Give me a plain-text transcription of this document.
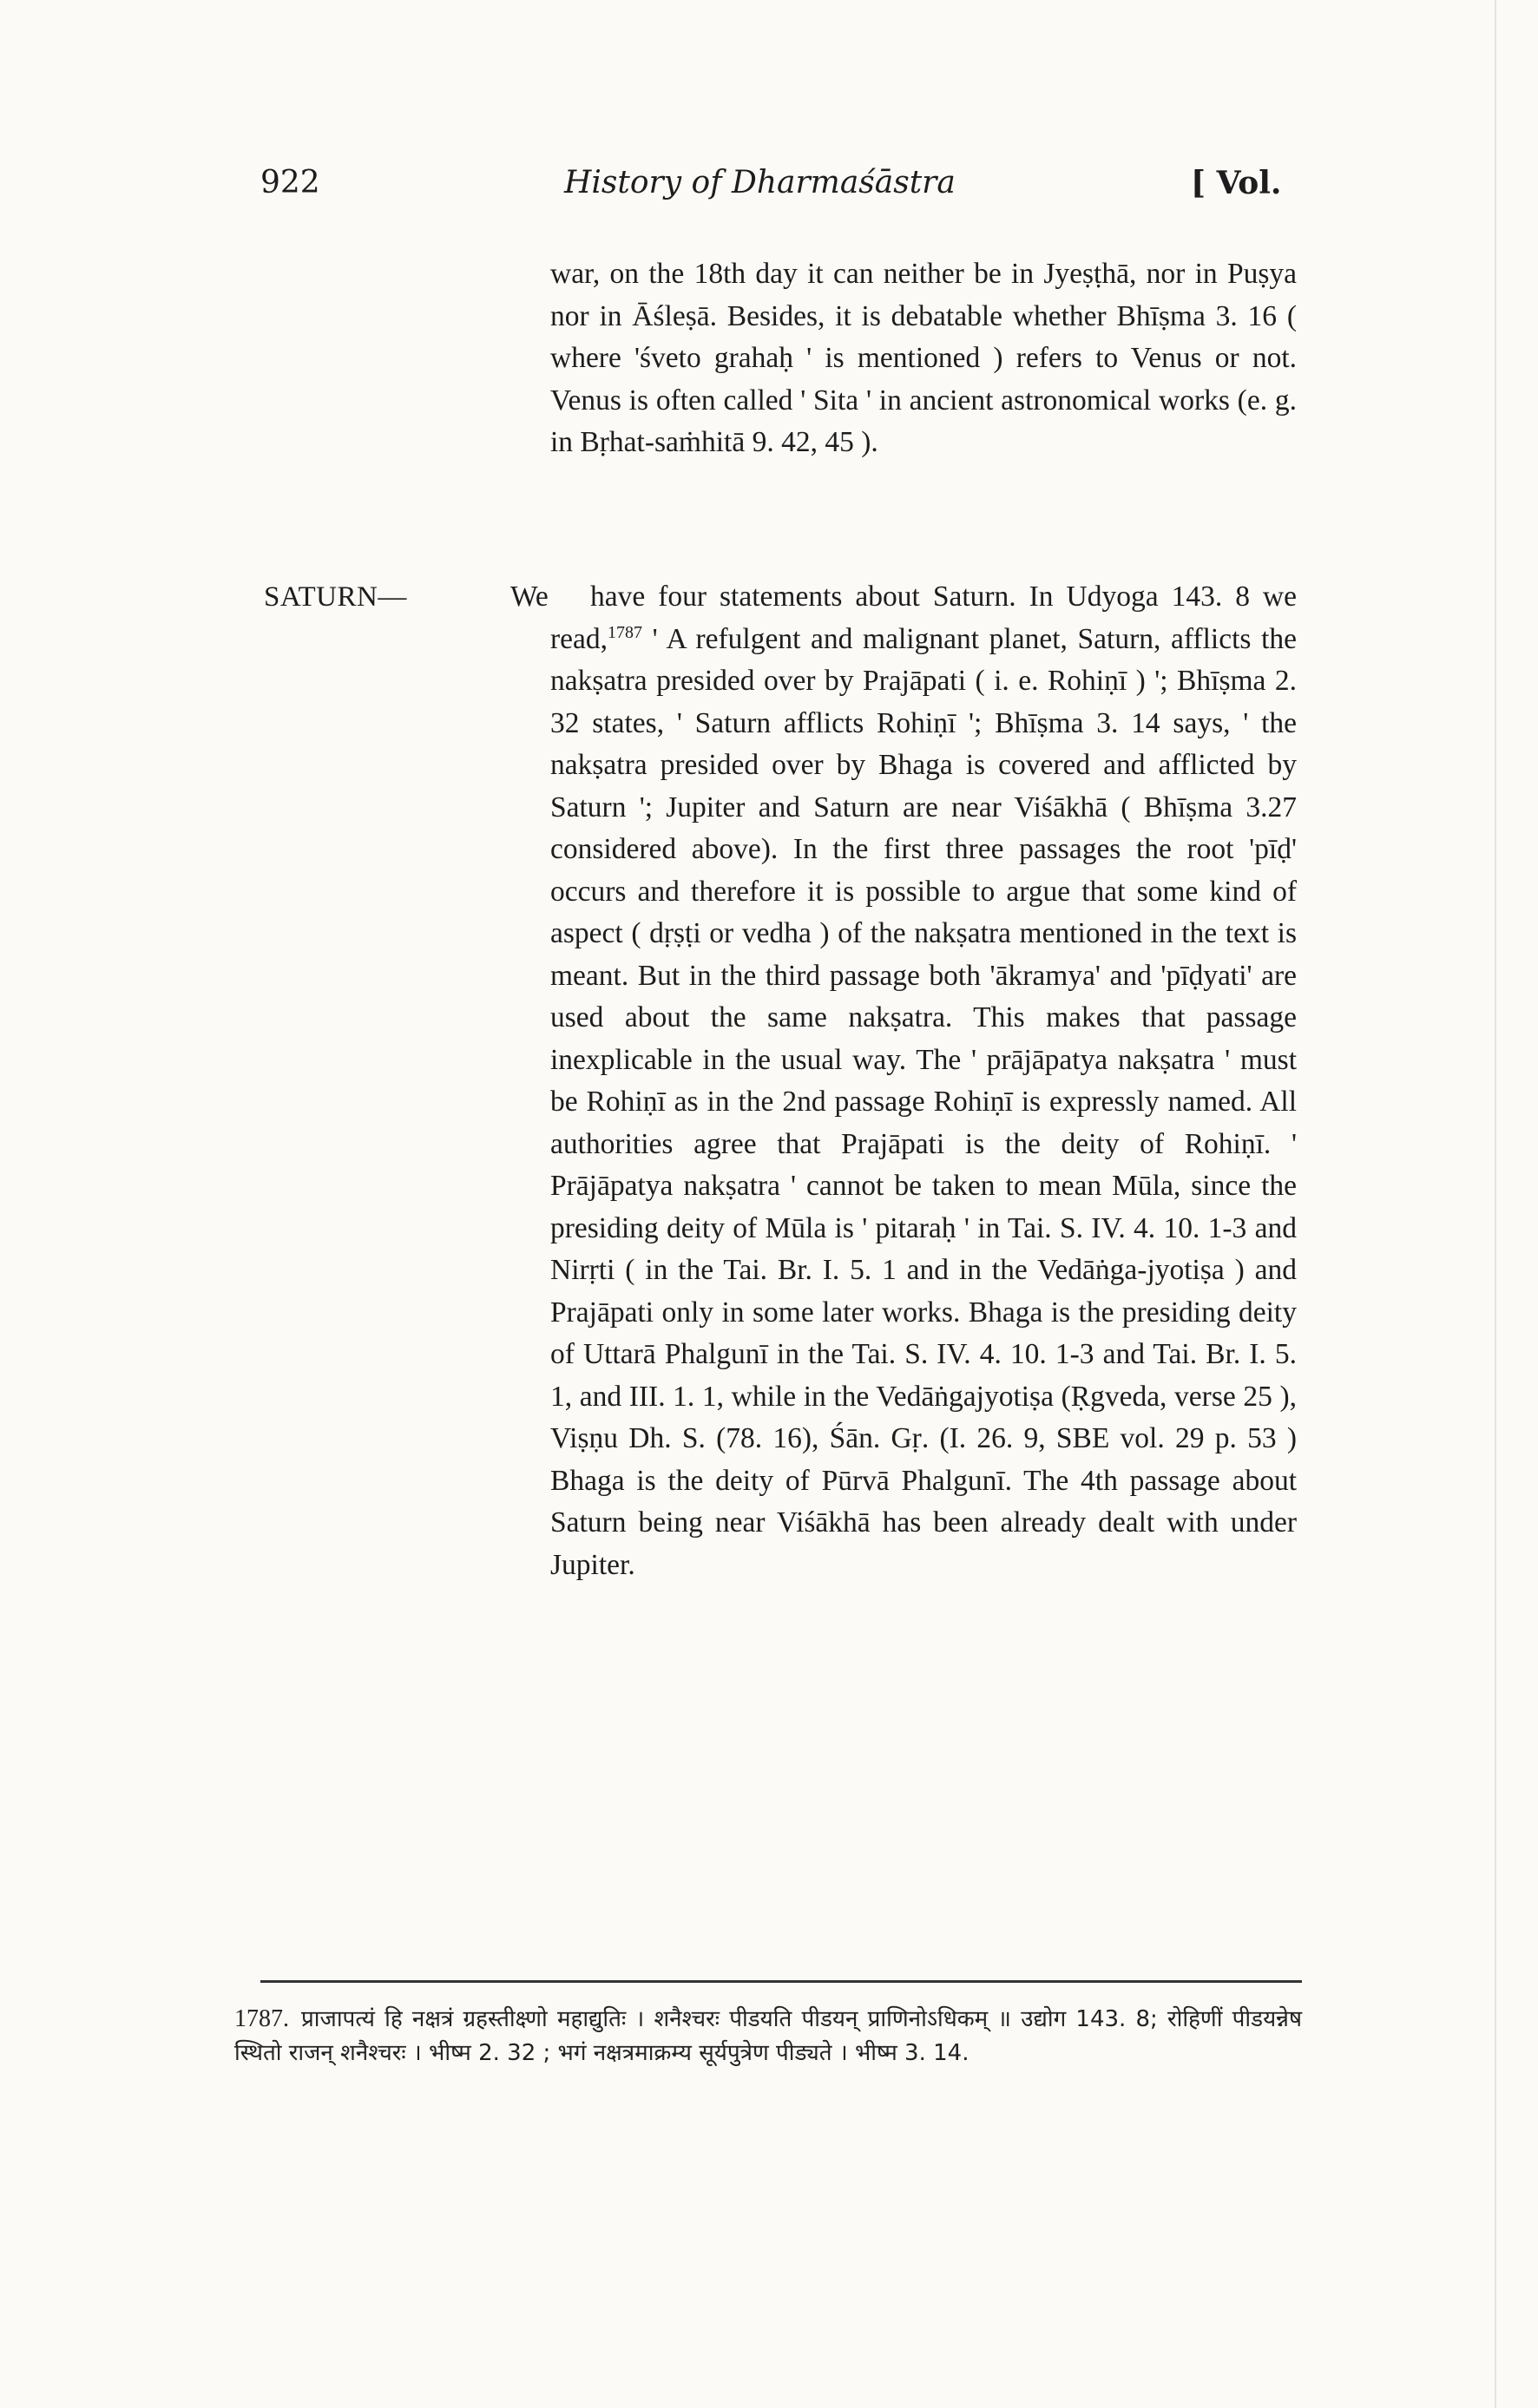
922	History of Dharmaśāstra	[ Vol.
war, on the 18th day it can neither be in Jyeṣṭhā, nor in Puṣya nor in Āśleṣā. Besides, it is debatable whether Bhīṣma 3. 16 ( where 'śveto grahaḥ ' is mentioned ) refers to Venus or not. Venus is often called ' Sita ' in ancient astronomical works (e. g. in Bṛhat-saṁhitā 9. 42, 45 ).
SATURN—	We	have four statements about Saturn. In Udyoga 143. 8 we read,$^{1787}$ ' A refulgent and malignant planet, Saturn, afflicts the nakṣatra presided over by Prajāpati ( i. e. Rohiṇī ) '; Bhīṣma 2. 32 states, ' Saturn afflicts Rohiṇī '; Bhīṣma 3. 14 says, ' the nakṣatra presided over by Bhaga is covered and afflicted by Saturn '; Jupiter and Saturn are near Viśākhā ( Bhīṣma 3.27 considered above). In the first three passages the root 'pīḍ' occurs and therefore it is possible to argue that some kind of aspect ( dṛṣṭi or vedha ) of the nakṣatra mentioned in the text is meant. But in the third passage both 'ākramya' and 'pīḍyati' are used about the same nakṣatra. This makes that passage inexplicable in the usual way. The ' prājāpatya nakṣatra ' must be Rohiṇī as in the 2nd passage Rohiṇī is expressly named. All authorities agree that Prajāpati is the deity of Rohiṇī. ' Prājāpatya nakṣatra ' cannot be taken to mean Mūla, since the presiding deity of Mūla is ' pitaraḥ ' in Tai. S. IV. 4. 10. 1-3 and Nirṛti ( in the Tai. Br. I. 5. 1 and in the Vedāṅga-jyotiṣa ) and Prajāpati only in some later works. Bhaga is the presiding deity of Uttarā Phalgunī in the Tai. S. IV. 4. 10. 1-3 and Tai. Br. I. 5. 1, and III. 1. 1, while in the Vedāṅgajyotiṣa (Ṛgveda, verse 25 ), Viṣṇu Dh. S. (78. 16), Śān. Gṛ. (I. 26. 9, SBE vol. 29 p. 53 ) Bhaga is the deity of Pūrvā Phalgunī. The 4th passage about Saturn being near Viśākhā has been already dealt with under Jupiter.
1787. प्राजापत्यं हि नक्षत्रं ग्रहस्तीक्ष्णो महाद्युतिः । शनैश्चरः पीडयति पीडयन् प्राणिनोऽधिकम् ॥ उद्योग 143. 8; रोहिणीं पीडयन्नेष स्थितो राजन् शनैश्चरः । भीष्म 2. 32 ; भगं नक्षत्रमाक्रम्य सूर्यपुत्रेण पीड्यते । भीष्म 3. 14.
